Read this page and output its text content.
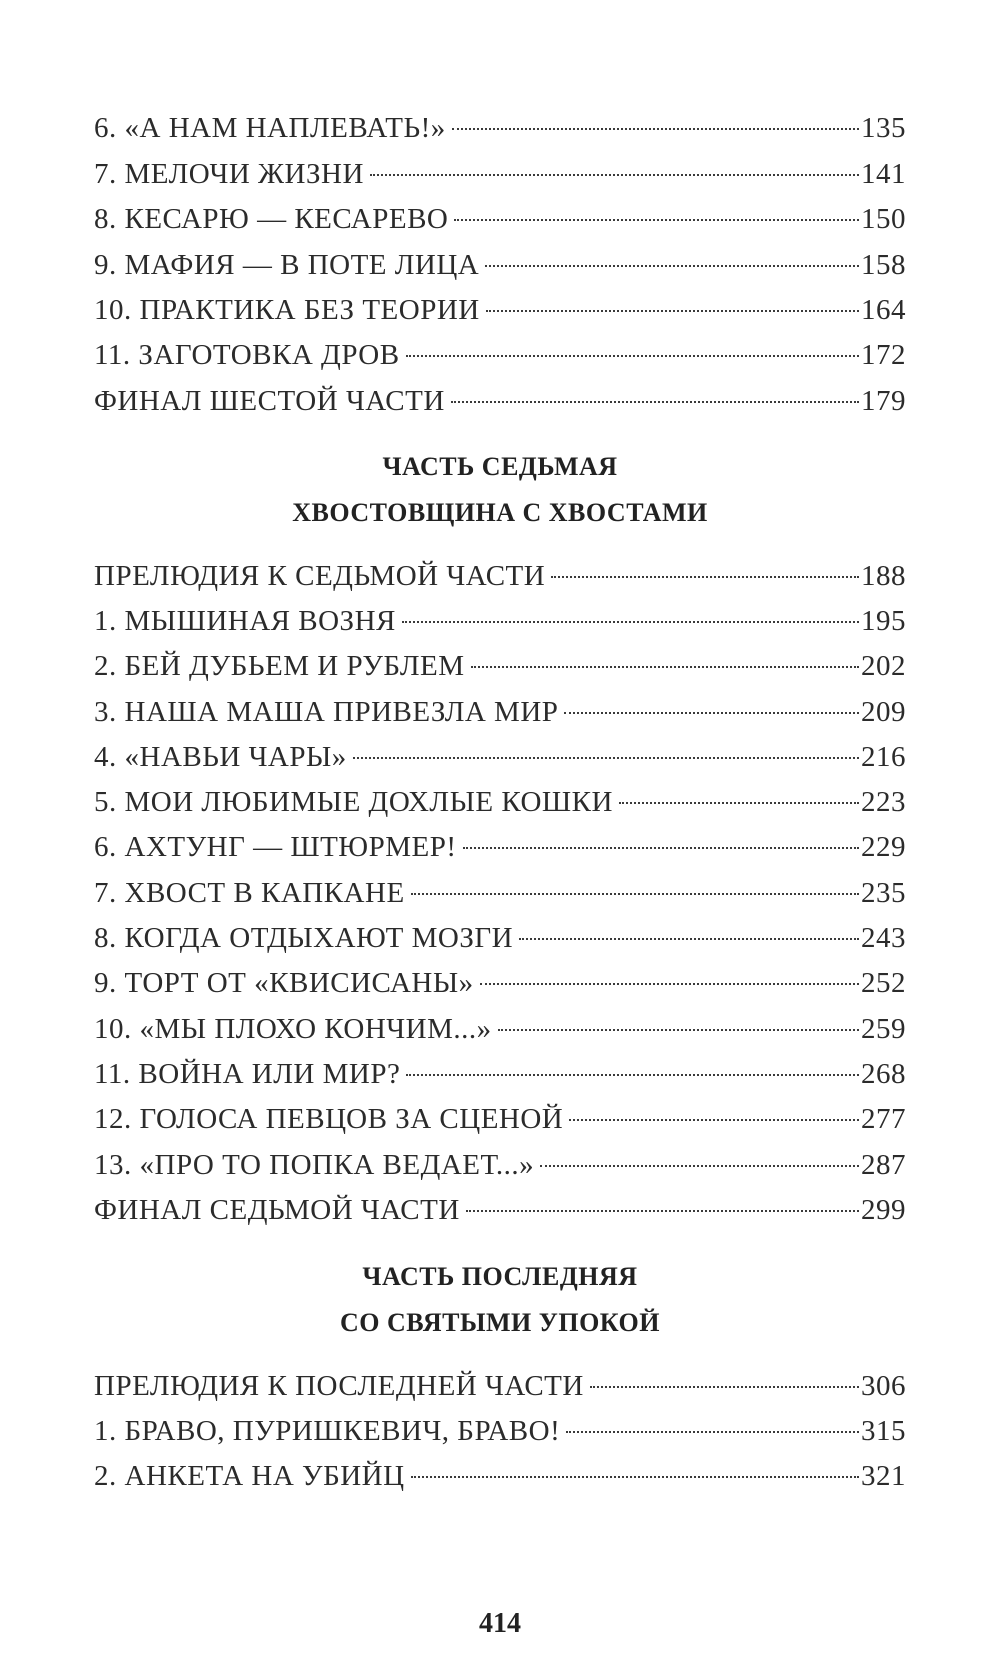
6. «А НАМ НАПЛЕВАТЬ!»	135
7. МЕЛОЧИ ЖИЗНИ	141
8. КЕСАРЮ — КЕСАРЕВО	150
9. МАФИЯ — В ПОТЕ ЛИЦА	158
10. ПРАКТИКА БЕЗ ТЕОРИИ	164
11. ЗАГОТОВКА ДРОВ	172
ФИНАЛ ШЕСТОЙ ЧАСТИ	179
ЧАСТЬ СЕДЬМАЯ
ХВОСТОВЩИНА С ХВОСТАМИ
ПРЕЛЮДИЯ К СЕДЬМОЙ ЧАСТИ	188
1. МЫШИНАЯ ВОЗНЯ	195
2. БЕЙ ДУБЬЕМ И РУБЛЕМ	202
3. НАША МАША ПРИВЕЗЛА МИР	209
4. «НАВЬИ ЧАРЫ»	216
5. МОИ ЛЮБИМЫЕ ДОХЛЫЕ КОШКИ	223
6. АХТУНГ — ШТЮРМЕР!	229
7. ХВОСТ В КАПКАНЕ	235
8. КОГДА ОТДЫХАЮТ МОЗГИ	243
9. ТОРТ ОТ «КВИСИСАНЫ»	252
10. «МЫ ПЛОХО КОНЧИМ...»	259
11. ВОЙНА ИЛИ МИР?	268
12. ГОЛОСА ПЕВЦОВ ЗА СЦЕНОЙ	277
13. «ПРО ТО ПОПКА ВЕДАЕТ...»	287
ФИНАЛ СЕДЬМОЙ ЧАСТИ	299
ЧАСТЬ ПОСЛЕДНЯЯ
СО СВЯТЫМИ УПОКОЙ
ПРЕЛЮДИЯ К ПОСЛЕДНЕЙ ЧАСТИ	306
1. БРАВО, ПУРИШКЕВИЧ, БРАВО!	315
2. АНКЕТА НА УБИЙЦ	321
414
